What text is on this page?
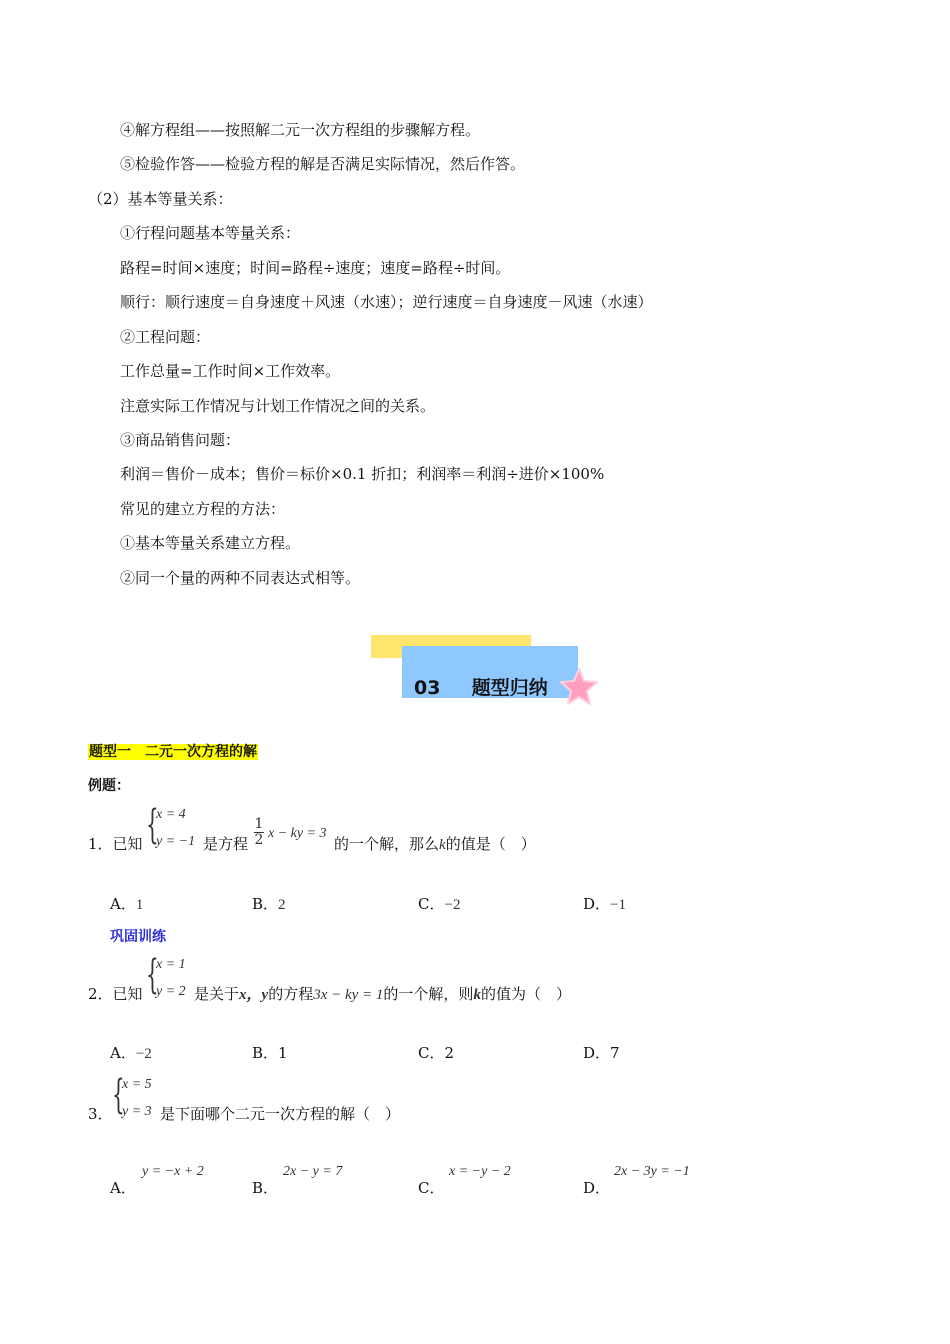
④解方程组——按照解二元一次方程组的步骤解方程。
⑤检验作答——检验方程的解是否满足实际情况，然后作答。
（2）基本等量关系：
①行程问题基本等量关系：
路程=时间×速度；时间=路程÷速度；速度=路程÷时间。
顺行：顺行速度＝自身速度＋风速（水速）；逆行速度＝自身速度－风速（水速）
②工程问题：
工作总量=工作时间×工作效率。
注意实际工作情况与计划工作情况之间的关系。
③商品销售问题：
利润＝售价－成本；售价＝标价×0.1 折扣；利润率＝利润÷进价×100%
常见的建立方程的方法：
①基本等量关系建立方程。
②同一个量的两种不同表达式相等。
03 题型归纳
题型一　二元一次方程的解
例题：
1．已知 {
x = 4
y = −1 是方程 $\frac{1}{2}$ x − ky = 3
的一个解，那么k的值是（　）
A．1	B．2	C．−2	D．−1
巩固训练
2．已知 {
x = 1
y = 2 是关于x，y的方程3x − ky = 1的一个解，则k的值为（　）
A．−2	B．1	C．2	D．7
3． {
x = 5
y = 3 是下面哪个二元一次方程的解（　）
A．
y = −x + 2
B．
2x − y = 7
C．
x = −y − 2
D．
2x − 3y = −1
